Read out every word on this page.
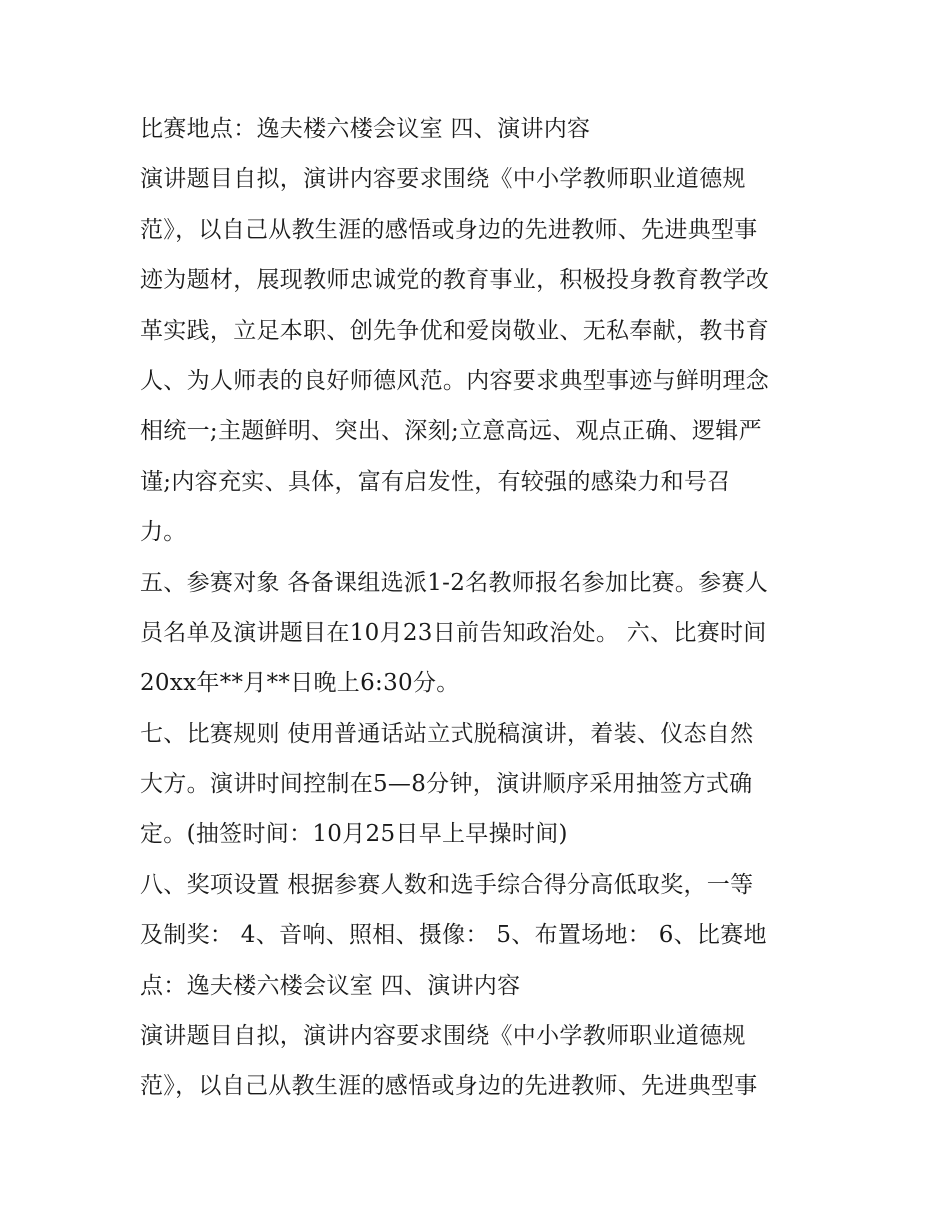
比赛地点：逸夫楼六楼会议室 四、演讲内容
演讲题目自拟，演讲内容要求围绕《中小学教师职业道德规
范》，以自己从教生涯的感悟或身边的先进教师、先进典型事
迹为题材，展现教师忠诚党的教育事业，积极投身教育教学改
革实践，立足本职、创先争优和爱岗敬业、无私奉献，教书育
人、为人师表的良好师德风范。内容要求典型事迹与鲜明理念
相统一;主题鲜明、突出、深刻;立意高远、观点正确、逻辑严
谨;内容充实、具体，富有启发性，有较强的感染力和号召
力。
五、参赛对象 各备课组选派1-2名教师报名参加比赛。参赛人
员名单及演讲题目在10月23日前告知政治处。 六、比赛时间
20xx年**月**日晚上6:30分。
七、比赛规则 使用普通话站立式脱稿演讲，着装、仪态自然
大方。演讲时间控制在5—8分钟，演讲顺序采用抽签方式确
定。(抽签时间：10月25日早上早操时间)
八、奖项设置 根据参赛人数和选手综合得分高低取奖，一等
及制奖： 4、音响、照相、摄像： 5、布置场地： 6、比赛地
点：逸夫楼六楼会议室 四、演讲内容
演讲题目自拟，演讲内容要求围绕《中小学教师职业道德规
范》，以自己从教生涯的感悟或身边的先进教师、先进典型事
